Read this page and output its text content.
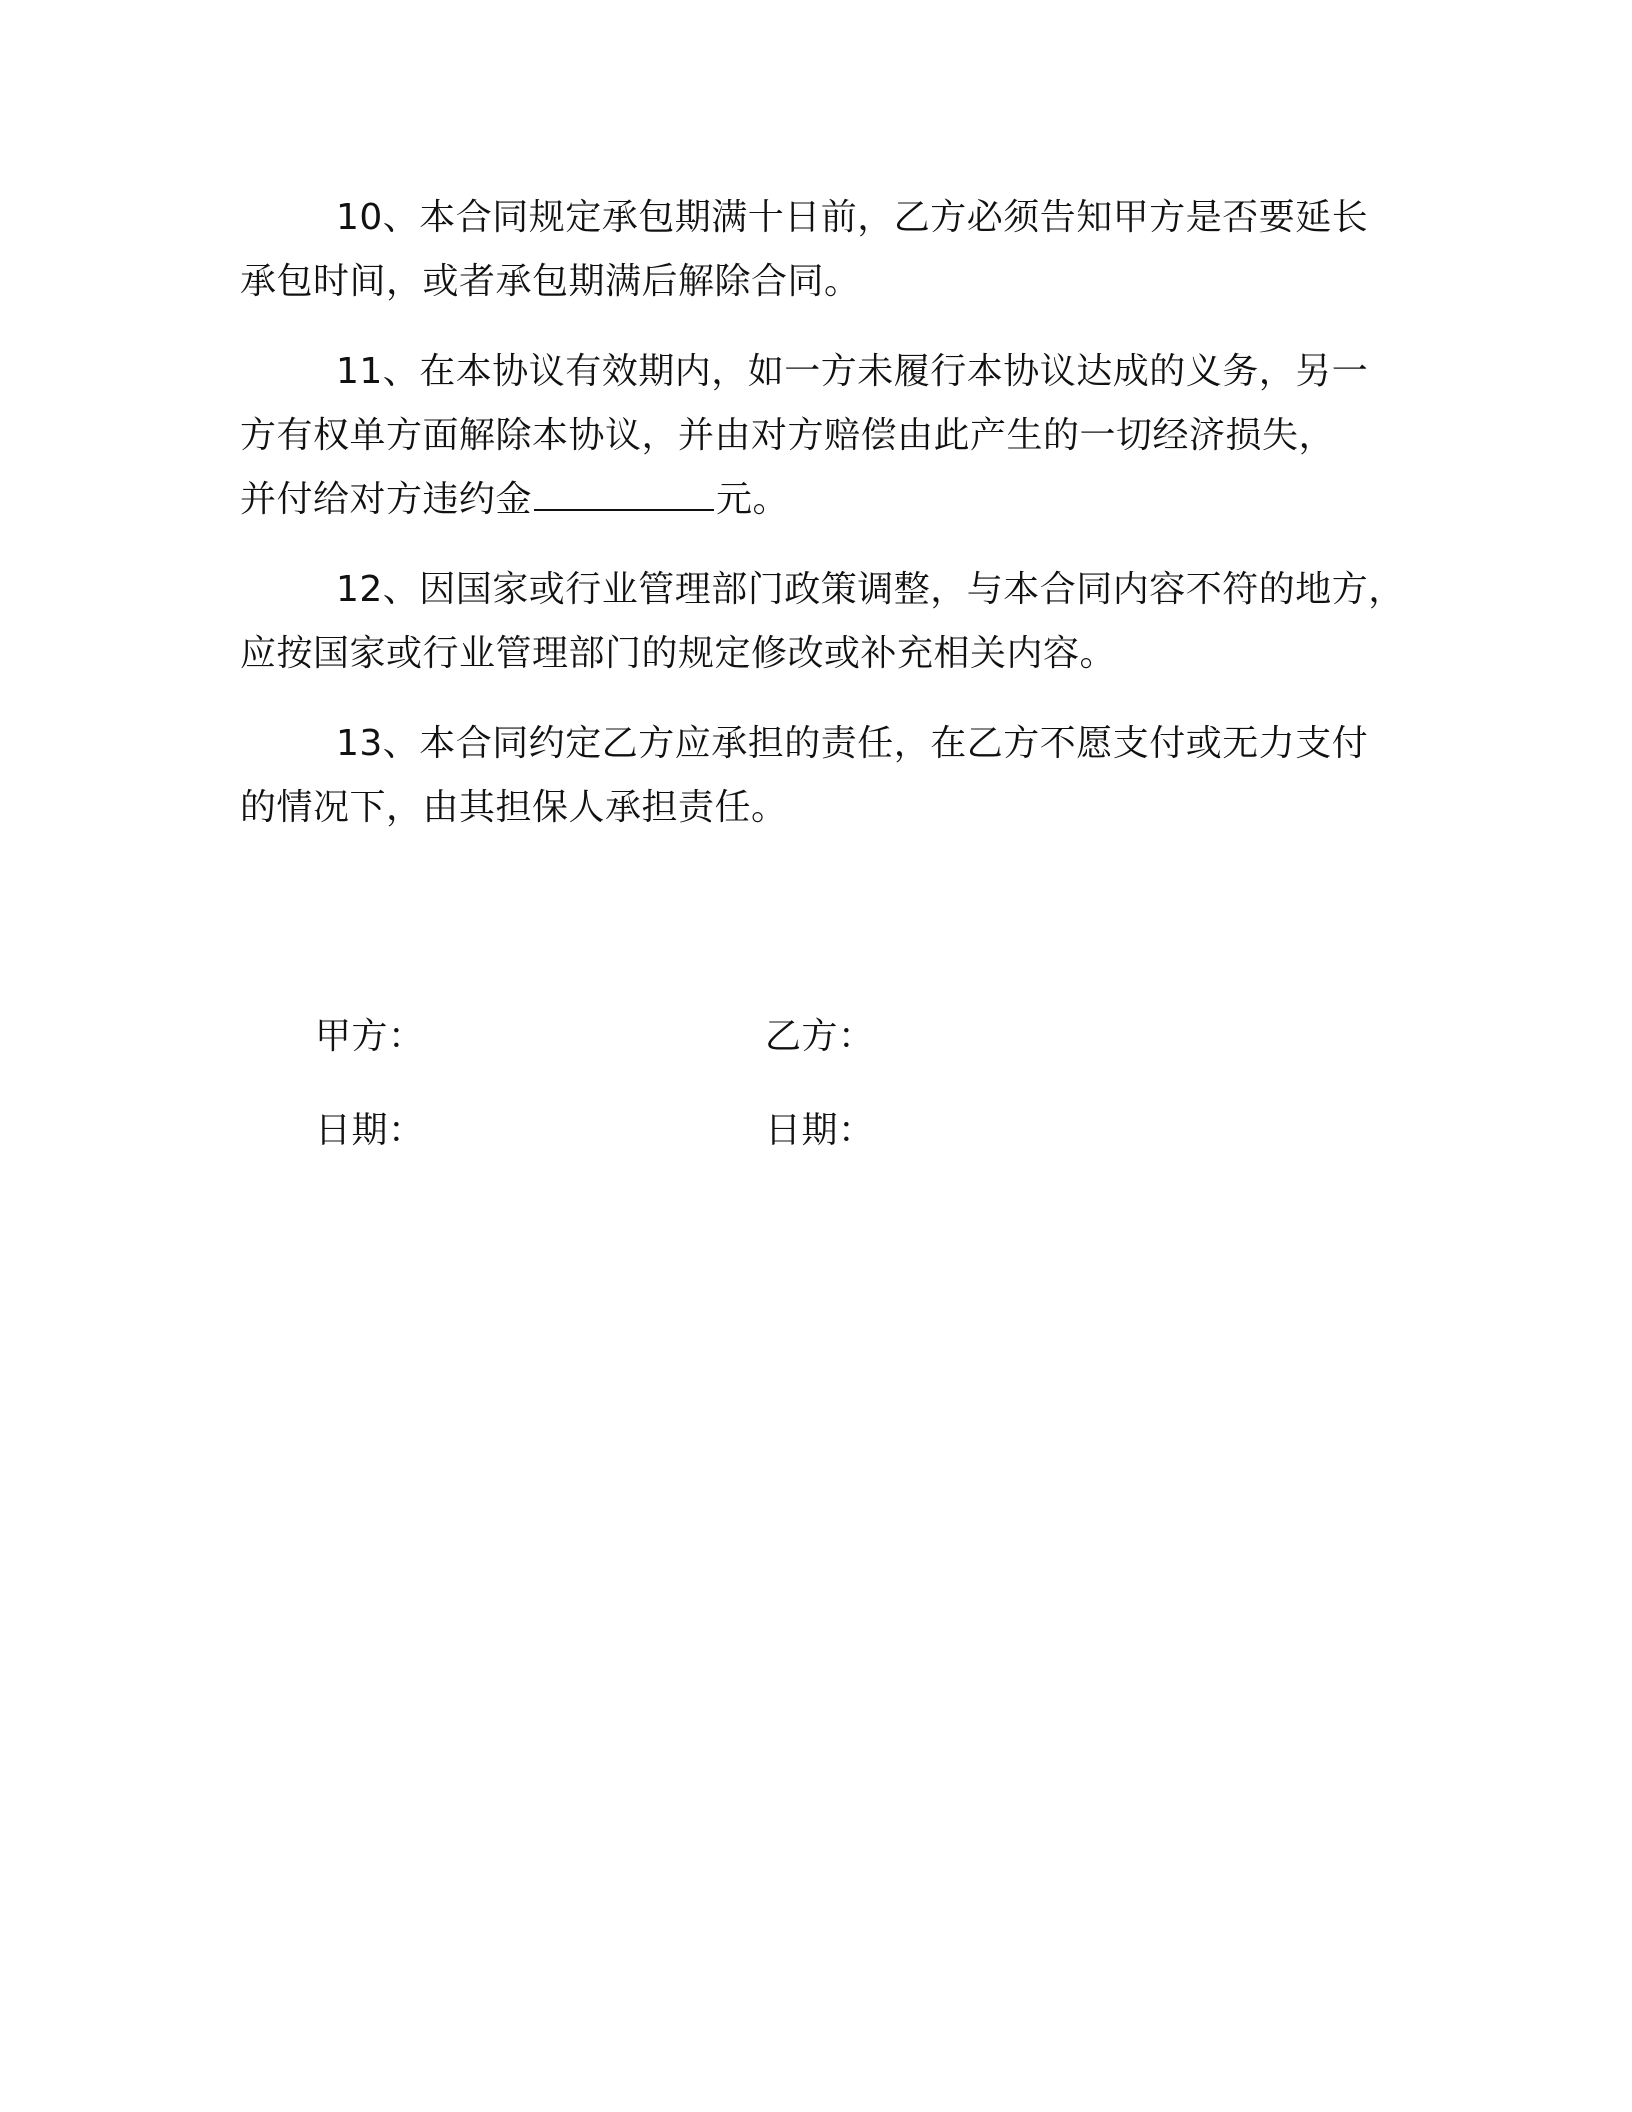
10、本合同规定承包期满十日前，乙方必须告知甲方是否要延长
承包时间，或者承包期满后解除合同。
11、在本协议有效期内，如一方未履行本协议达成的义务，另一
方有权单方面解除本协议，并由对方赔偿由此产生的一切经济损失，
并付给对方违约金	元。
12、因国家或行业管理部门政策调整，与本合同内容不符的地方，
应按国家或行业管理部门的规定修改或补充相关内容。
13、本合同约定乙方应承担的责任，在乙方不愿支付或无力支付
的情况下，由其担保人承担责任。
甲方：	乙方：
日期：	日期：
